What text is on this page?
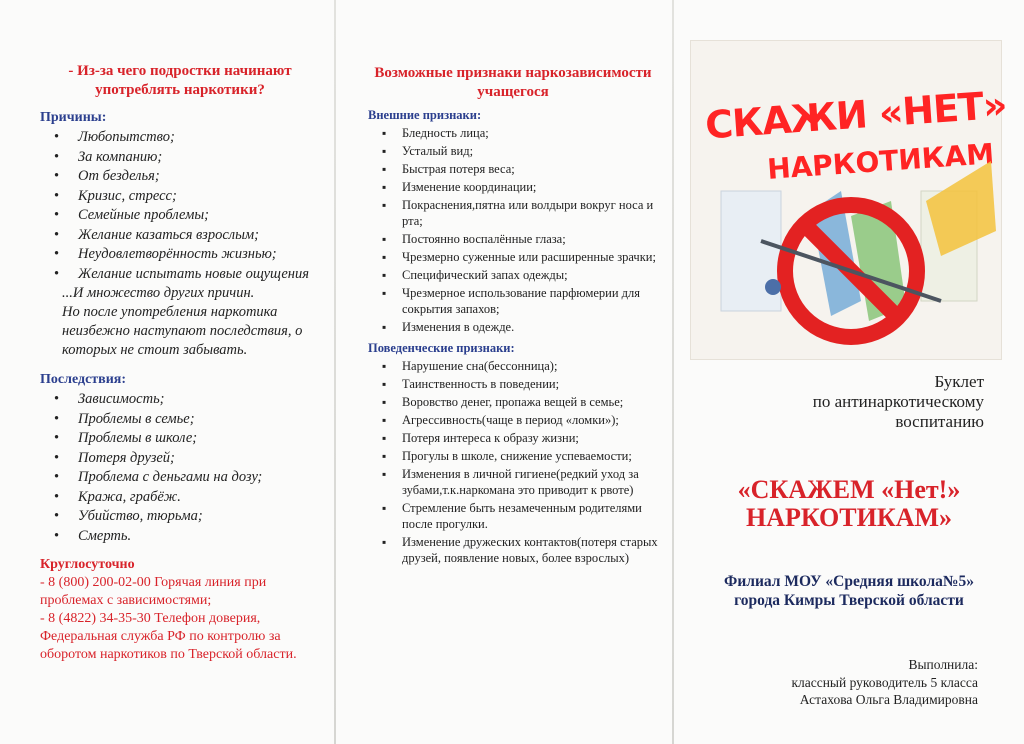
- Из-за чего подростки начинают употреблять наркотики?
Причины:
• Любопытство;
• За компанию;
• От безделья;
• Кризис, стресс;
• Семейные проблемы;
• Желание казаться взрослым;
• Неудовлетворённость жизнью;
• Желание испытать новые ощущения
...И множество других причин.
Но после употребления наркотика неизбежно наступают последствия, о которых не стоит забывать.
Последствия:
• Зависимость;
• Проблемы в семье;
• Проблемы в школе;
• Потеря друзей;
• Проблема с деньгами на дозу;
• Кража, грабёж.
• Убийство, тюрьма;
• Смерть.
Круглосуточно
- 8 (800) 200-02-00 Горячая линия при проблемах с зависимостями;
- 8 (4822) 34-35-30 Телефон доверия, Федеральная служба РФ по контролю за оборотом наркотиков по Тверской области.
Возможные признаки наркозависимости учащегося
Внешние признаки:
▪ Бледность лица;
▪ Усталый вид;
▪ Быстрая потеря веса;
▪ Изменение координации;
▪ Покраснения,пятна или волдыри вокруг носа и рта;
▪ Постоянно воспалённые глаза;
▪ Чрезмерно суженные или расширенные зрачки;
▪ Специфический запах одежды;
▪ Чрезмерное использование парфюмерии для сокрытия запахов;
▪ Изменения в одежде.
Поведенческие признаки:
▪ Нарушение сна(бессонница);
▪ Таинственность в поведении;
▪ Воровство денег, пропажа вещей в семье;
▪ Агрессивность(чаще в период «ломки»);
▪ Потеря интереса к образу жизни;
▪ Прогулы в школе, снижение успеваемости;
▪ Изменения в личной гигиене(редкий уход за зубами,т.к.наркомана это приводит к рвоте)
▪ Стремление быть незамеченным родителями после прогулки.
▪ Изменение дружеских контактов(потеря старых друзей, появление новых, более взрослых)
СКАЖИ «НЕТ»
НАРКОТИКАМ
Буклет
по антинаркотическому
воспитанию
«СКАЖЕМ «Нет!»
НАРКОТИКАМ»
Филиал МОУ «Средняя школа№5»
города Кимры Тверской области
Выполнила:
классный руководитель 5 класса
Астахова Ольга Владимировна
